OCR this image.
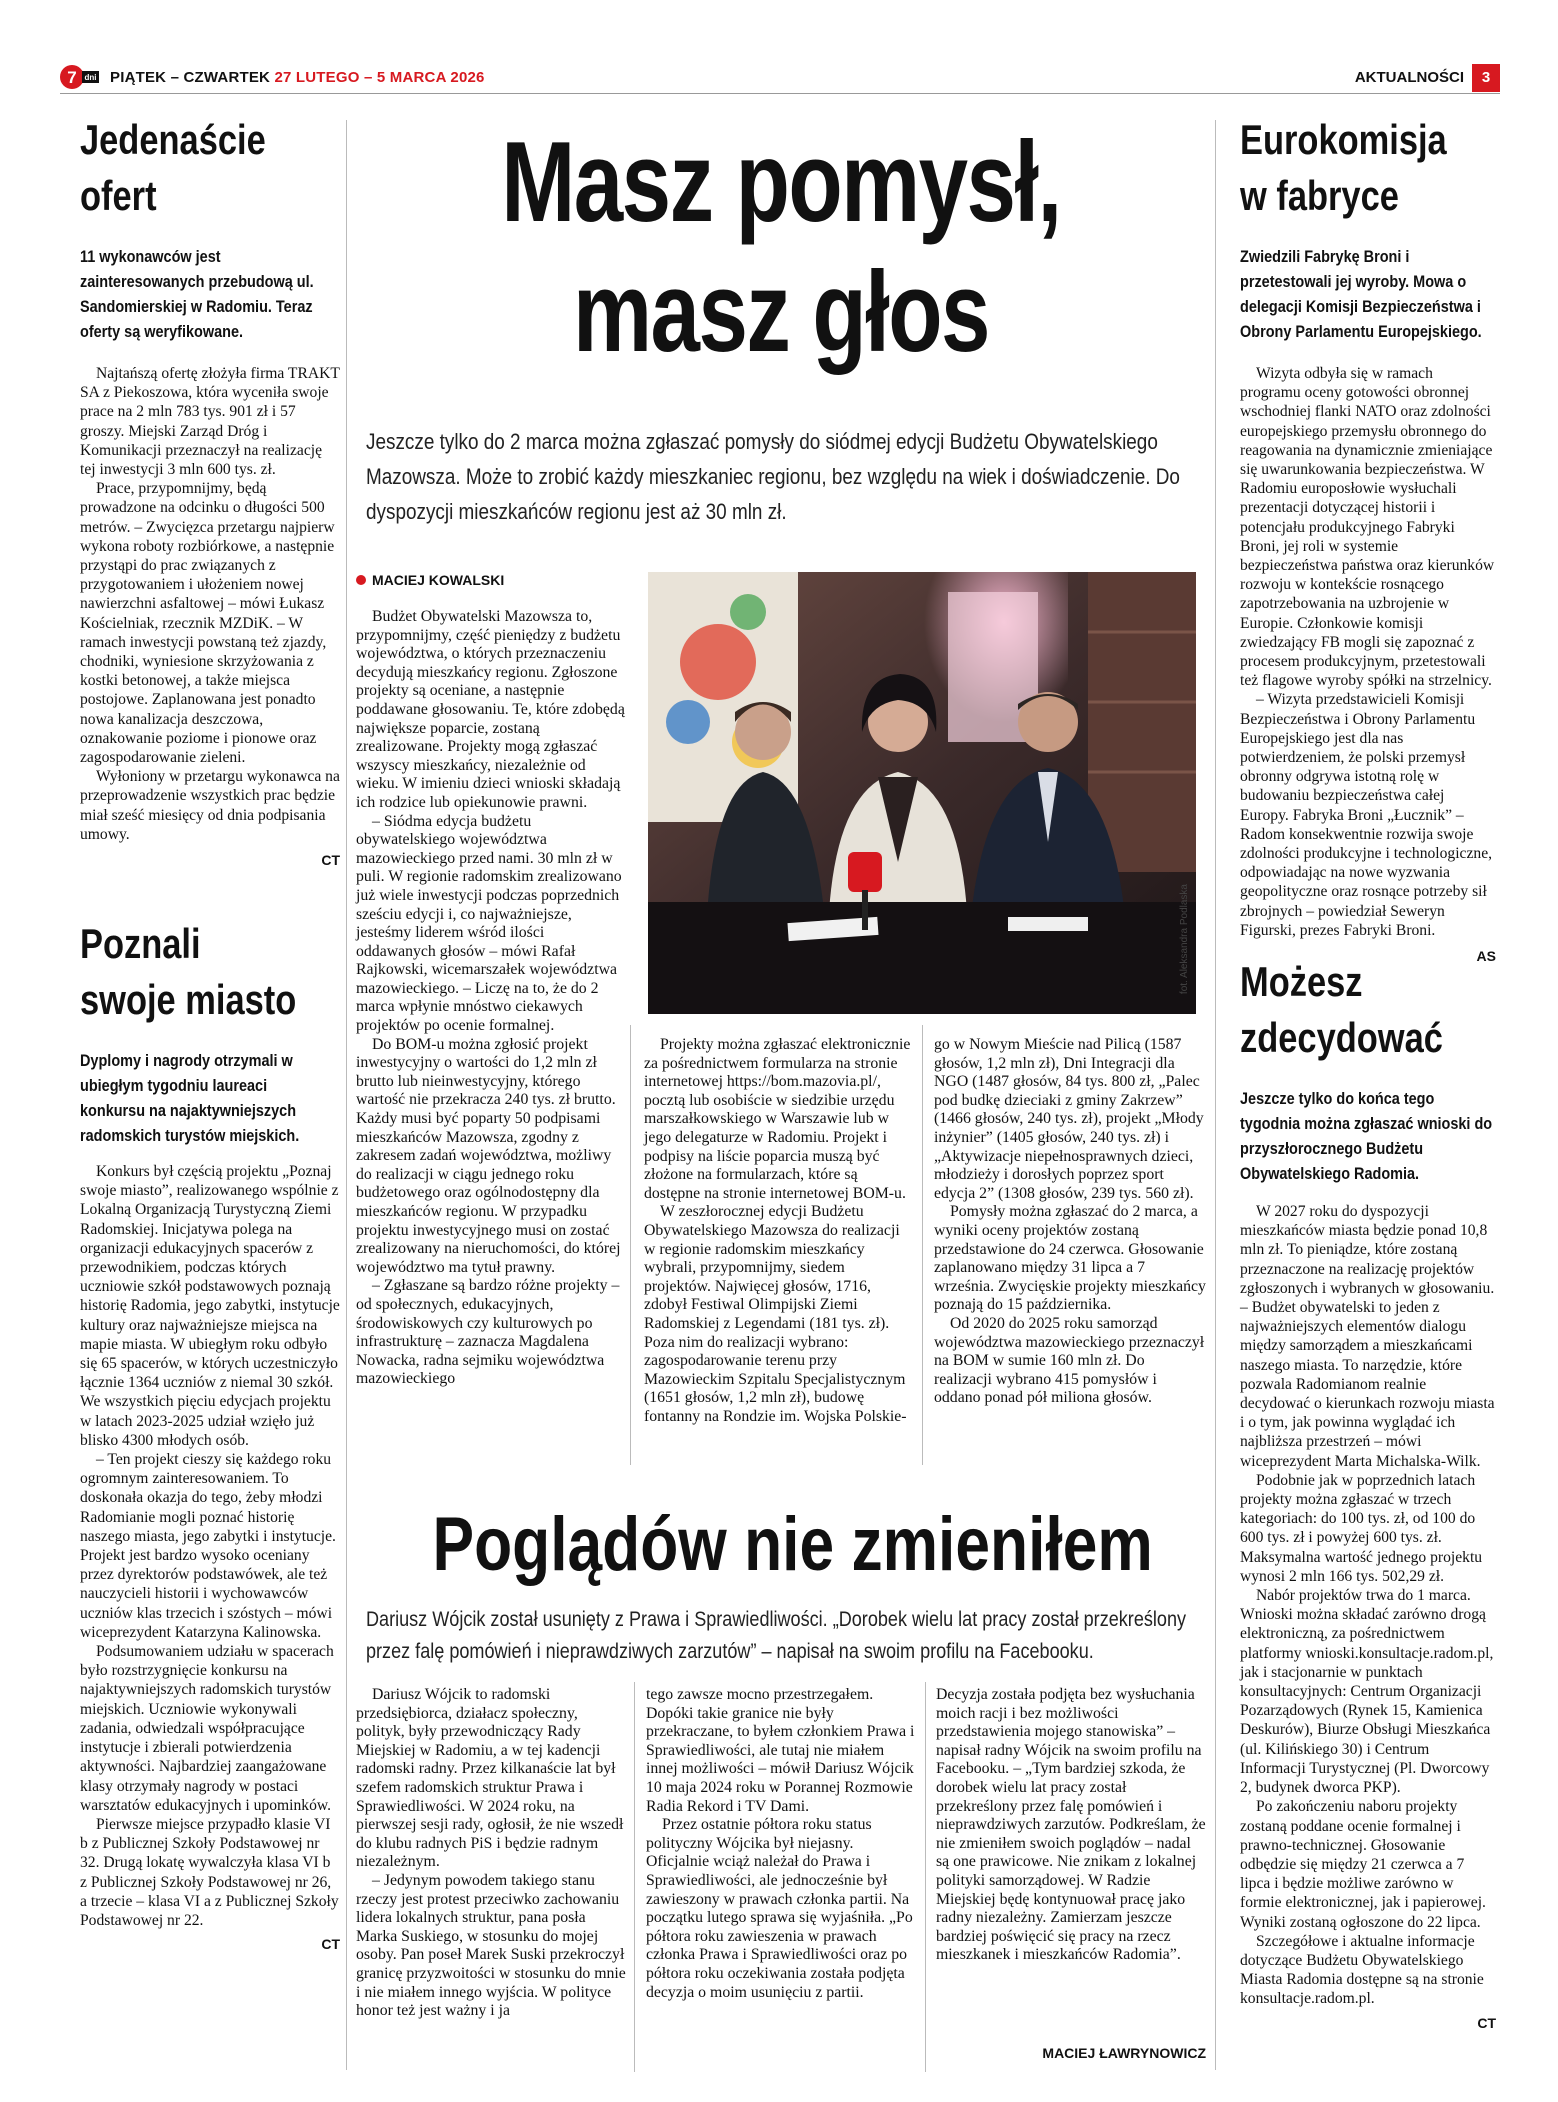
7 dni PIĄTEK – CZWARTEK 27 LUTEGO – 5 MARCA 2026	AKTUALNOŚCI	3
Jedenaście
ofert
11 wykonawców jest zainteresowanych przebudową ul. Sandomierskiej w Radomiu. Teraz oferty są weryfikowane.

Najtańszą ofertę złożyła firma TRAKT SA z Piekoszowa, która wyceniła swoje prace na 2 mln 783 tys. 901 zł i 57 groszy. Miejski Zarząd Dróg i Komunikacji przeznaczył na realizację tej inwestycji 3 mln 600 tys. zł.

Prace, przypomnijmy, będą prowadzone na odcinku o długości 500 metrów. – Zwycięzca przetargu najpierw wykona roboty rozbiórkowe, a następnie przystąpi do prac związanych z przygotowaniem i ułożeniem nowej nawierzchni asfaltowej – mówi Łukasz Kościelniak, rzecznik MZDiK. – W ramach inwestycji powstaną też zjazdy, chodniki, wyniesione skrzyżowania z kostki betonowej, a także miejsca postojowe. Zaplanowana jest ponadto nowa kanalizacja deszczowa, oznakowanie poziome i pionowe oraz zagospodarowanie zieleni.

Wyłoniony w przetargu wykonawca na przeprowadzenie wszystkich prac będzie miał sześć miesięcy od dnia podpisania umowy.

CT
Poznali
swoje miasto
Dyplomy i nagrody otrzymali w ubiegłym tygodniu laureaci konkursu na najaktywniejszych radomskich turystów miejskich.

Konkurs był częścią projektu „Poznaj swoje miasto”, realizowanego wspólnie z Lokalną Organizacją Turystyczną Ziemi Radomskiej. Inicjatywa polega na organizacji edukacyjnych spacerów z przewodnikiem, podczas których uczniowie szkół podstawowych poznają historię Radomia, jego zabytki, instytucje kultury oraz najważniejsze miejsca na mapie miasta. W ubiegłym roku odbyło się 65 spacerów, w których uczestniczyło łącznie 1364 uczniów z niemal 30 szkół. We wszystkich pięciu edycjach projektu w latach 2023-2025 udział wzięło już blisko 4300 młodych osób.

– Ten projekt cieszy się każdego roku ogromnym zainteresowaniem. To doskonała okazja do tego, żeby młodzi Radomianie mogli poznać historię naszego miasta, jego zabytki i instytucje. Projekt jest bardzo wysoko oceniany przez dyrektorów podstawówek, ale też nauczycieli historii i wychowawców uczniów klas trzecich i szóstych – mówi wiceprezydent Katarzyna Kalinowska.

Podsumowaniem udziału w spacerach było rozstrzygnięcie konkursu na najaktywniejszych radomskich turystów miejskich. Uczniowie wykonywali zadania, odwiedzali współpracujące instytucje i zbierali potwierdzenia aktywności. Najbardziej zaangażowane klasy otrzymały nagrody w postaci warsztatów edukacyjnych i upominków.

Pierwsze miejsce przypadło klasie VI b z Publicznej Szkoły Podstawowej nr 32. Drugą lokatę wywalczyła klasa VI b z Publicznej Szkoły Podstawowej nr 26, a trzecie – klasa VI a z Publicznej Szkoły Podstawowej nr 22.

CT
Masz pomysł,
masz głos
Jeszcze tylko do 2 marca można zgłaszać pomysły do siódmej edycji Budżetu Obywatelskiego Mazowsza. Może to zrobić każdy mieszkaniec regionu, bez względu na wiek i doświadczenie. Do dyspozycji mieszkańców regionu jest aż 30 mln zł.
MACIEJ KOWALSKI
fot. Aleksandra Podlaska

Budżet Obywatelski Mazowsza to, przypomnijmy, część pieniędzy z budżetu województwa, o których przeznaczeniu decydują mieszkańcy regionu. Zgłoszone projekty są oceniane, a następnie poddawane głosowaniu. Te, które zdobędą największe poparcie, zostaną zrealizowane. Projekty mogą zgłaszać wszyscy mieszkańcy, niezależnie od wieku. W imieniu dzieci wnioski składają ich rodzice lub opiekunowie prawni.

– Siódma edycja budżetu obywatelskiego województwa mazowieckiego przed nami. 30 mln zł w puli. W regionie radomskim zrealizowano już wiele inwestycji podczas poprzednich sześciu edycji i, co najważniejsze, jesteśmy liderem wśród ilości oddawanych głosów – mówi Rafał Rajkowski, wicemarszałek województwa mazowieckiego. – Liczę na to, że do 2 marca wpłynie mnóstwo ciekawych projektów po ocenie formalnej.

Do BOM-u można zgłosić projekt inwestycyjny o wartości do 1,2 mln zł brutto lub nieinwestycyjny, którego wartość nie przekracza 240 tys. zł brutto. Każdy musi być poparty 50 podpisami mieszkańców Mazowsza, zgodny z zakresem zadań województwa, możliwy do realizacji w ciągu jednego roku budżetowego oraz ogólnodostępny dla mieszkańców regionu. W przypadku projektu inwestycyjnego musi on zostać zrealizowany na nieruchomości, do której województwo ma tytuł prawny.

– Zgłaszane są bardzo różne projekty – od społecznych, edukacyjnych, środowiskowych czy kulturowych po infrastrukturę – zaznacza Magdalena Nowacka, radna sejmiku województwa mazowieckiego

Projekty można zgłaszać elektronicznie za pośrednictwem formularza na stronie internetowej https://bom.mazovia.pl/, pocztą lub osobiście w siedzibie urzędu marszałkowskiego w Warszawie lub w jego delegaturze w Radomiu. Projekt i podpisy na liście poparcia muszą być złożone na formularzach, które są dostępne na stronie internetowej BOM-u.

W zeszłorocznej edycji Budżetu Obywatelskiego Mazowsza do realizacji w regionie radomskim mieszkańcy wybrali, przypomnijmy, siedem projektów. Najwięcej głosów, 1716, zdobył Festiwal Olimpijski Ziemi Radomskiej z Legendami (181 tys. zł). Poza nim do realizacji wybrano: zagospodarowanie terenu przy Mazowieckim Szpitalu Specjalistycznym (1651 głosów, 1,2 mln zł), budowę fontanny na Rondzie im. Wojska Polskie-

go w Nowym Mieście nad Pilicą (1587 głosów, 1,2 mln zł), Dni Integracji dla NGO (1487 głosów, 84 tys. 800 zł, „Palec pod budkę dzieciaki z gminy Zakrzew” (1466 głosów, 240 tys. zł), projekt „Młody inżynier” (1405 głosów, 240 tys. zł) i „Aktywizacje niepełnosprawnych dzieci, młodzieży i dorosłych poprzez sport edycja 2” (1308 głosów, 239 tys. 560 zł).

Pomysły można zgłaszać do 2 marca, a wyniki oceny projektów zostaną przedstawione do 24 czerwca. Głosowanie zaplanowano między 31 lipca a 7 września. Zwycięskie projekty mieszkańcy poznają do 15 października.

Od 2020 do 2025 roku samorząd województwa mazowieckiego przeznaczył na BOM w sumie 160 mln zł. Do realizacji wybrano 415 pomysłów i oddano ponad pół miliona głosów.

Poglądów nie zmieniłem
Dariusz Wójcik został usunięty z Prawa i Sprawiedliwości. „Dorobek wielu lat pracy został przekreślony przez falę pomówień i nieprawdziwych zarzutów” – napisał na swoim profilu na Facebooku.

Dariusz Wójcik to radomski przedsiębiorca, działacz społeczny, polityk, były przewodniczący Rady Miejskiej w Radomiu, a w tej kadencji radomski radny. Przez kilkanaście lat był szefem radomskich struktur Prawa i Sprawiedliwości. W 2024 roku, na pierwszej sesji rady, ogłosił, że nie wszedł do klubu radnych PiS i będzie radnym niezależnym.

– Jedynym powodem takiego stanu rzeczy jest protest przeciwko zachowaniu lidera lokalnych struktur, pana posła Marka Suskiego, w stosunku do mojej osoby. Pan poseł Marek Suski przekroczył granicę przyzwoitości w stosunku do mnie i nie miałem innego wyjścia. W polityce honor też jest ważny i ja

tego zawsze mocno przestrzegałem. Dopóki takie granice nie były przekraczane, to byłem członkiem Prawa i Sprawiedliwości, ale tutaj nie miałem innej możliwości – mówił Dariusz Wójcik 10 maja 2024 roku w Porannej Rozmowie Radia Rekord i TV Dami.

Przez ostatnie półtora roku status polityczny Wójcika był niejasny. Oficjalnie wciąż należał do Prawa i Sprawiedliwości, ale jednocześnie był zawieszony w prawach członka partii. Na początku lutego sprawa się wyjaśniła. „Po półtora roku zawieszenia w prawach członka Prawa i Sprawiedliwości oraz po półtora roku oczekiwania została podjęta decyzja o moim usunięciu z partii.

Decyzja została podjęta bez wysłuchania moich racji i bez możliwości przedstawienia mojego stanowiska” – napisał radny Wójcik na swoim profilu na Facebooku. – „Tym bardziej szkoda, że dorobek wielu lat pracy został przekreślony przez falę pomówień i nieprawdziwych zarzutów. Podkreślam, że nie zmieniłem swoich poglądów – nadal są one prawicowe. Nie znikam z lokalnej polityki samorządowej. W Radzie Miejskiej będę kontynuował pracę jako radny niezależny. Zamierzam jeszcze bardziej poświęcić się pracy na rzecz mieszkanek i mieszkańców Radomia”.

MACIEJ ŁAWRYNOWICZ
Eurokomisja
w fabryce
Zwiedzili Fabrykę Broni i przetestowali jej wyroby. Mowa o delegacji Komisji Bezpieczeństwa i Obrony Parlamentu Europejskiego.

Wizyta odbyła się w ramach programu oceny gotowości obronnej wschodniej flanki NATO oraz zdolności europejskiego przemysłu obronnego do reagowania na dynamicznie zmieniające się uwarunkowania bezpieczeństwa. W Radomiu europosłowie wysłuchali prezentacji dotyczącej historii i potencjału produkcyjnego Fabryki Broni, jej roli w systemie bezpieczeństwa państwa oraz kierunków rozwoju w kontekście rosnącego zapotrzebowania na uzbrojenie w Europie. Członkowie komisji zwiedzający FB mogli się zapoznać z procesem produkcyjnym, przetestowali też flagowe wyroby spółki na strzelnicy.

– Wizyta przedstawicieli Komisji Bezpieczeństwa i Obrony Parlamentu Europejskiego jest dla nas potwierdzeniem, że polski przemysł obronny odgrywa istotną rolę w budowaniu bezpieczeństwa całej Europy. Fabryka Broni „Łucznik” – Radom konsekwentnie rozwija swoje zdolności produkcyjne i technologiczne, odpowiadając na nowe wyzwania geopolityczne oraz rosnące potrzeby sił zbrojnych – powiedział Seweryn Figurski, prezes Fabryki Broni.

AS
Możesz
zdecydować
Jeszcze tylko do końca tego tygodnia można zgłaszać wnioski do przyszłorocznego Budżetu Obywatelskiego Radomia.

W 2027 roku do dyspozycji mieszkańców miasta będzie ponad 10,8 mln zł. To pieniądze, które zostaną przeznaczone na realizację projektów zgłoszonych i wybranych w głosowaniu. – Budżet obywatelski to jeden z najważniejszych elementów dialogu między samorządem a mieszkańcami naszego miasta. To narzędzie, które pozwala Radomianom realnie decydować o kierunkach rozwoju miasta i o tym, jak powinna wyglądać ich najbliższa przestrzeń – mówi wiceprezydent Marta Michalska-Wilk.

Podobnie jak w poprzednich latach projekty można zgłaszać w trzech kategoriach: do 100 tys. zł, od 100 do 600 tys. zł i powyżej 600 tys. zł. Maksymalna wartość jednego projektu wynosi 2 mln 166 tys. 502,29 zł.

Nabór projektów trwa do 1 marca. Wnioski można składać zarówno drogą elektroniczną, za pośrednictwem platformy wnioski.konsultacje.radom.pl, jak i stacjonarnie w punktach konsultacyjnych: Centrum Organizacji Pozarządowych (Rynek 15, Kamienica Deskurów), Biurze Obsługi Mieszkańca (ul. Kilińskiego 30) i Centrum Informacji Turystycznej (Pl. Dworcowy 2, budynek dworca PKP).

Po zakończeniu naboru projekty zostaną poddane ocenie formalnej i prawno-technicznej. Głosowanie odbędzie się między 21 czerwca a 7 lipca i będzie możliwe zarówno w formie elektronicznej, jak i papierowej. Wyniki zostaną ogłoszone do 22 lipca.

Szczegółowe i aktualne informacje dotyczące Budżetu Obywatelskiego Miasta Radomia dostępne są na stronie konsultacje.radom.pl.

CT
